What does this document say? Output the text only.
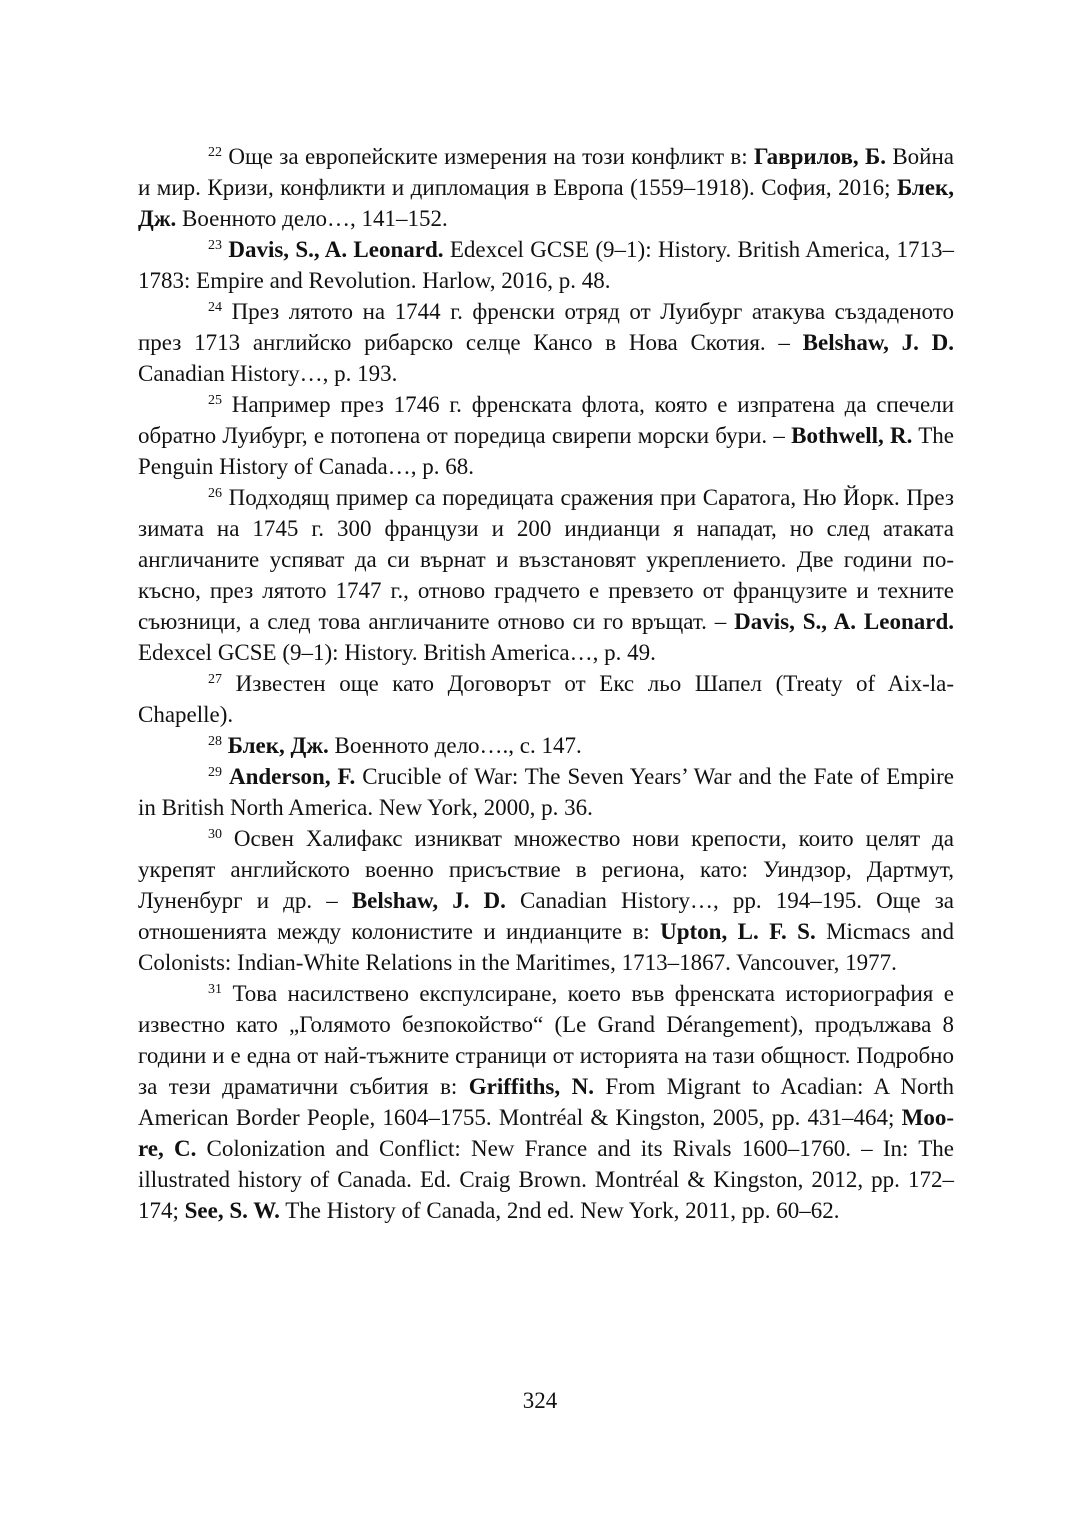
$^{22}$ Още за европейските измерения на този конфликт в: Гаврилов, Б. Война и мир. Кризи, конфликти и дипломация в Европа (1559–1918). София, 2016; Блек, Дж. Военното дело…, 141–152.

$^{23}$ Davis, S., A. Leonard. Edexcel GCSE (9–1): History. British America, 1713–1783: Empire and Revolution. Harlow, 2016, p. 48.

$^{24}$ През лятото на 1744 г. френски отряд от Луибург атакува създаденото през 1713 английско рибарско селце Кансо в Нова Скотия. – Belshaw, J. D. Canadian History…, p. 193.

$^{25}$ Например през 1746 г. френската флота, която е изпратена да спечели обратно Луибург, е потопена от поредица свирепи морски бури. – Bothwell, R. The Penguin History of Canada…, p. 68.

$^{26}$ Подходящ пример са поредицата сражения при Саратога, Ню Йорк. През зимата на 1745 г. 300 французи и 200 индианци я нападат, но след атаката англичаните успяват да си върнат и възстановят укреплението. Две години по-късно, през лятото 1747 г., отново градчето е превзето от французите и техните съюзници, а след това англичаните отново си го връщат. – Davis, S., A. Leonard. Edexcel GCSE (9–1): History. British America…, p. 49.

$^{27}$ Известен още като Договорът от Екс льо Шапел (Treaty of Aix-la-Chapelle).

$^{28}$ Блек, Дж. Военното дело…., с. 147.

$^{29}$ Anderson, F. Crucible of War: The Seven Years’ War and the Fate of Empire in British North America. New York, 2000, p. 36.

$^{30}$ Освен Халифакс изникват множество нови крепости, които целят да укрепят английското военно присъствие в региона, като: Уиндзор, Дартмут, Луненбург и др. – Belshaw, J. D. Canadian History…, pp. 194–195. Още за отношенията между колонистите и индианците в: Upton, L. F. S. Micmacs and Colonists: Indian-White Relations in the Maritimes, 1713–1867. Vancouver, 1977.

$^{31}$ Това насилствено експулсиране, което във френската историография е известно като „Голямото безпокойство“ (Le Grand Dérangement), продължава 8 години и е една от най-тъжните страници от историята на тази общност. Подробно за тези драматични събития в: Griffiths, N. From Migrant to Acadian: A North American Border People, 1604–1755. Montréal & Kingston, 2005, pp. 431–464; Moore, C. Colonization and Conflict: New France and its Rivals 1600–1760. – In: The illustrated history of Canada. Ed. Craig Brown. Montréal & Kingston, 2012, pp. 172–174; See, S. W. The History of Canada, 2nd ed. New York, 2011, pp. 60–62.

324
